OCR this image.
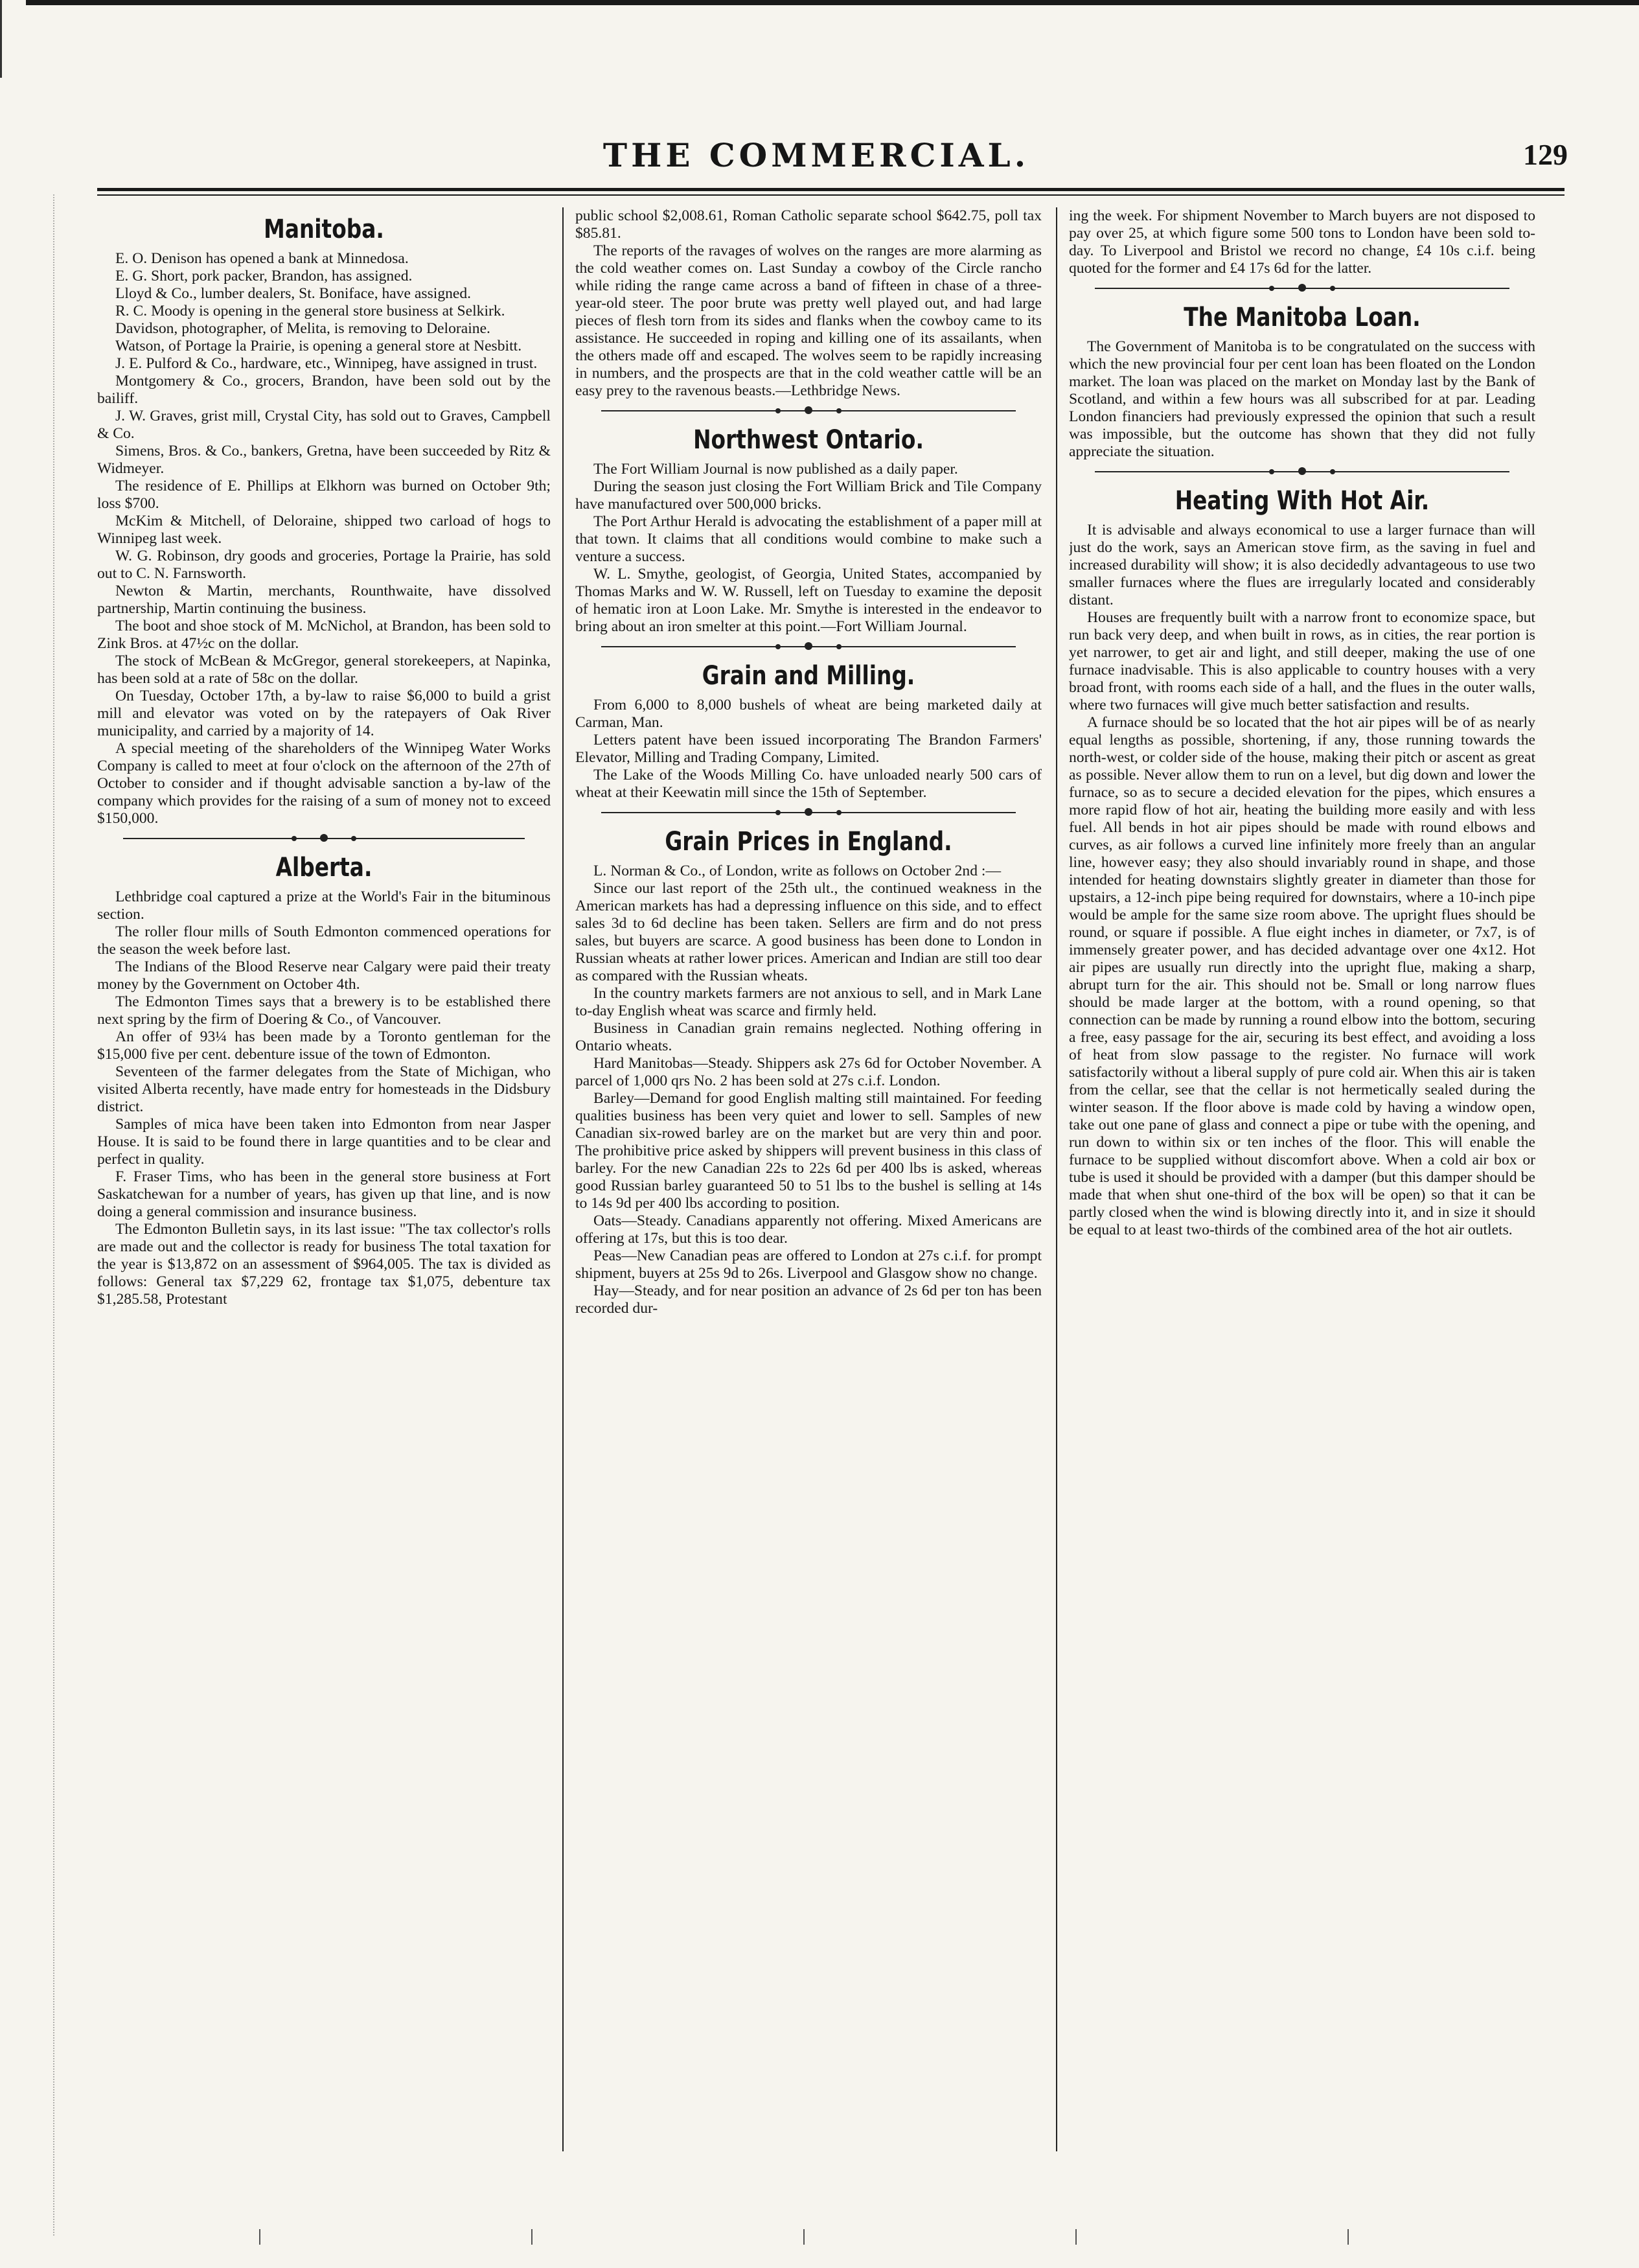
THE COMMERCIAL.	129
Manitoba.

E. O. Denison has opened a bank at Minnedosa.

E. G. Short, pork packer, Brandon, has assigned.

Lloyd & Co., lumber dealers, St. Boniface, have assigned.

R. C. Moody is opening in the general store business at Selkirk.

Davidson, photographer, of Melita, is removing to Deloraine.

Watson, of Portage la Prairie, is opening a general store at Nesbitt.

J. E. Pulford & Co., hardware, etc., Winnipeg, have assigned in trust.

Montgomery & Co., grocers, Brandon, have been sold out by the bailiff.

J. W. Graves, grist mill, Crystal City, has sold out to Graves, Campbell & Co.

Simens, Bros. & Co., bankers, Gretna, have been succeeded by Ritz & Widmeyer.

The residence of E. Phillips at Elkhorn was burned on October 9th; loss $700.

McKim & Mitchell, of Deloraine, shipped two carload of hogs to Winnipeg last week.

W. G. Robinson, dry goods and groceries, Portage la Prairie, has sold out to C. N. Farnsworth.

Newton & Martin, merchants, Rounthwaite, have dissolved partnership, Martin continuing the business.

The boot and shoe stock of M. McNichol, at Brandon, has been sold to Zink Bros. at 47½c on the dollar.

The stock of McBean & McGregor, general storekeepers, at Napinka, has been sold at a rate of 58c on the dollar.

On Tuesday, October 17th, a by-law to raise $6,000 to build a grist mill and elevator was voted on by the ratepayers of Oak River municipality, and carried by a majority of 14.

A special meeting of the shareholders of the Winnipeg Water Works Company is called to meet at four o'clock on the afternoon of the 27th of October to consider and if thought advisable sanction a by-law of the company which provides for the raising of a sum of money not to exceed $150,000.

Alberta.

Lethbridge coal captured a prize at the World's Fair in the bituminous section.

The roller flour mills of South Edmonton commenced operations for the season the week before last.

The Indians of the Blood Reserve near Calgary were paid their treaty money by the Government on October 4th.

The Edmonton Times says that a brewery is to be established there next spring by the firm of Doering & Co., of Vancouver.

An offer of 93¼ has been made by a Toronto gentleman for the $15,000 five per cent. debenture issue of the town of Edmonton.

Seventeen of the farmer delegates from the State of Michigan, who visited Alberta recently, have made entry for homesteads in the Didsbury district.

Samples of mica have been taken into Edmonton from near Jasper House. It is said to be found there in large quantities and to be clear and perfect in quality.

F. Fraser Tims, who has been in the general store business at Fort Saskatchewan for a number of years, has given up that line, and is now doing a general commission and insurance business.

The Edmonton Bulletin says, in its last issue: "The tax collector's rolls are made out and the collector is ready for business The total taxation for the year is $13,872 on an assessment of $964,005. The tax is divided as follows: General tax $7,229 62, frontage tax $1,075, debenture tax $1,285.58, Protestant

public school $2,008.61, Roman Catholic separate school $642.75, poll tax $85.81.

The reports of the ravages of wolves on the ranges are more alarming as the cold weather comes on. Last Sunday a cowboy of the Circle rancho while riding the range came across a band of fifteen in chase of a three-year-old steer. The poor brute was pretty well played out, and had large pieces of flesh torn from its sides and flanks when the cowboy came to its assistance. He succeeded in roping and killing one of its assailants, when the others made off and escaped. The wolves seem to be rapidly increasing in numbers, and the prospects are that in the cold weather cattle will be an easy prey to the ravenous beasts.—Lethbridge News.

Northwest Ontario.

The Fort William Journal is now published as a daily paper.

During the season just closing the Fort William Brick and Tile Company have manufactured over 500,000 bricks.

The Port Arthur Herald is advocating the establishment of a paper mill at that town. It claims that all conditions would combine to make such a venture a success.

W. L. Smythe, geologist, of Georgia, United States, accompanied by Thomas Marks and W. W. Russell, left on Tuesday to examine the deposit of hematic iron at Loon Lake. Mr. Smythe is interested in the endeavor to bring about an iron smelter at this point.—Fort William Journal.

Grain and Milling.

From 6,000 to 8,000 bushels of wheat are being marketed daily at Carman, Man.

Letters patent have been issued incorporating The Brandon Farmers' Elevator, Milling and Trading Company, Limited.

The Lake of the Woods Milling Co. have unloaded nearly 500 cars of wheat at their Keewatin mill since the 15th of September.

Grain Prices in England.

L. Norman & Co., of London, write as follows on October 2nd :—

Since our last report of the 25th ult., the continued weakness in the American markets has had a depressing influence on this side, and to effect sales 3d to 6d decline has been taken. Sellers are firm and do not press sales, but buyers are scarce. A good business has been done to London in Russian wheats at rather lower prices. American and Indian are still too dear as compared with the Russian wheats.

In the country markets farmers are not anxious to sell, and in Mark Lane to-day English wheat was scarce and firmly held.

Business in Canadian grain remains neglected. Nothing offering in Ontario wheats.

Hard Manitobas—Steady. Shippers ask 27s 6d for October November. A parcel of 1,000 qrs No. 2 has been sold at 27s c.i.f. London.

Barley—Demand for good English malting still maintained. For feeding qualities business has been very quiet and lower to sell. Samples of new Canadian six-rowed barley are on the market but are very thin and poor. The prohibitive price asked by shippers will prevent business in this class of barley. For the new Canadian 22s to 22s 6d per 400 lbs is asked, whereas good Russian barley guaranteed 50 to 51 lbs to the bushel is selling at 14s to 14s 9d per 400 lbs according to position.

Oats—Steady. Canadians apparently not offering. Mixed Americans are offering at 17s, but this is too dear.

Peas—New Canadian peas are offered to London at 27s c.i.f. for prompt shipment, buyers at 25s 9d to 26s. Liverpool and Glasgow show no change.

Hay—Steady, and for near position an advance of 2s 6d per ton has been recorded dur-

ing the week. For shipment November to March buyers are not disposed to pay over 25, at which figure some 500 tons to London have been sold to-day. To Liverpool and Bristol we record no change, £4 10s c.i.f. being quoted for the former and £4 17s 6d for the latter.

The Manitoba Loan.

The Government of Manitoba is to be congratulated on the success with which the new provincial four per cent loan has been floated on the London market. The loan was placed on the market on Monday last by the Bank of Scotland, and within a few hours was all subscribed for at par. Leading London financiers had previously expressed the opinion that such a result was impossible, but the outcome has shown that they did not fully appreciate the situation.

Heating With Hot Air.

It is advisable and always economical to use a larger furnace than will just do the work, says an American stove firm, as the saving in fuel and increased durability will show; it is also decidedly advantageous to use two smaller furnaces where the flues are irregularly located and considerably distant.

Houses are frequently built with a narrow front to economize space, but run back very deep, and when built in rows, as in cities, the rear portion is yet narrower, to get air and light, and still deeper, making the use of one furnace inadvisable. This is also applicable to country houses with a very broad front, with rooms each side of a hall, and the flues in the outer walls, where two furnaces will give much better satisfaction and results.

A furnace should be so located that the hot air pipes will be of as nearly equal lengths as possible, shortening, if any, those running towards the north-west, or colder side of the house, making their pitch or ascent as great as possible. Never allow them to run on a level, but dig down and lower the furnace, so as to secure a decided elevation for the pipes, which ensures a more rapid flow of hot air, heating the building more easily and with less fuel. All bends in hot air pipes should be made with round elbows and curves, as air follows a curved line infinitely more freely than an angular line, however easy; they also should invariably round in shape, and those intended for heating downstairs slightly greater in diameter than those for upstairs, a 12-inch pipe being required for downstairs, where a 10-inch pipe would be ample for the same size room above. The upright flues should be round, or square if possible. A flue eight inches in diameter, or 7x7, is of immensely greater power, and has decided advantage over one 4x12. Hot air pipes are usually run directly into the upright flue, making a sharp, abrupt turn for the air. This should not be. Small or long narrow flues should be made larger at the bottom, with a round opening, so that connection can be made by running a round elbow into the bottom, securing a free, easy passage for the air, securing its best effect, and avoiding a loss of heat from slow passage to the register. No furnace will work satisfactorily without a liberal supply of pure cold air. When this air is taken from the cellar, see that the cellar is not hermetically sealed during the winter season. If the floor above is made cold by having a window open, take out one pane of glass and connect a pipe or tube with the opening, and run down to within six or ten inches of the floor. This will enable the furnace to be supplied without discomfort above. When a cold air box or tube is used it should be provided with a damper (but this damper should be made that when shut one-third of the box will be open) so that it can be partly closed when the wind is blowing directly into it, and in size it should be equal to at least two-thirds of the combined area of the hot air outlets.
